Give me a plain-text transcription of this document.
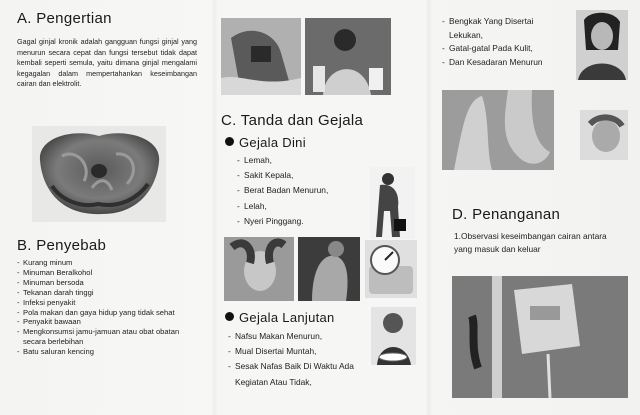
A. Pengertian
Gagal ginjal kronik adalah gangguan fungsi ginjal yang menurun secara cepat dan fungsi tersebut tidak dapat kembali seperti semula, yaitu dimana ginjal mengalami kegagalan dalam mempertahankan keseimbangan cairan dan elektrolit.
B. Penyebab
- Kurang minum
- Minuman Beralkohol
- Minuman bersoda
- Tekanan darah tinggi
- Infeksi penyakit
- Pola makan dan gaya hidup yang tidak sehat
- Penyakit bawaan
- Mengkonsumsi jamu-jamuan atau obat obatan secara berlebihan
- Batu saluran kencing
C. Tanda dan Gejala
Gejala Dini
- Lemah,
- Sakit Kepala,
- Berat Badan Menurun,
- Lelah,
- Nyeri Pinggang.
Gejala Lanjutan
- Nafsu Makan Menurun,
- Mual Disertai Muntah,
- Sesak Nafas Baik Di Waktu Ada Kegiatan Atau Tidak,
- Bengkak Yang Disertai Lekukan,
- Gatal-gatal Pada Kulit,
- Dan Kesadaran Menurun
D. Penanganan
1.Observasi keseimbangan cairan antara yang masuk dan keluar
